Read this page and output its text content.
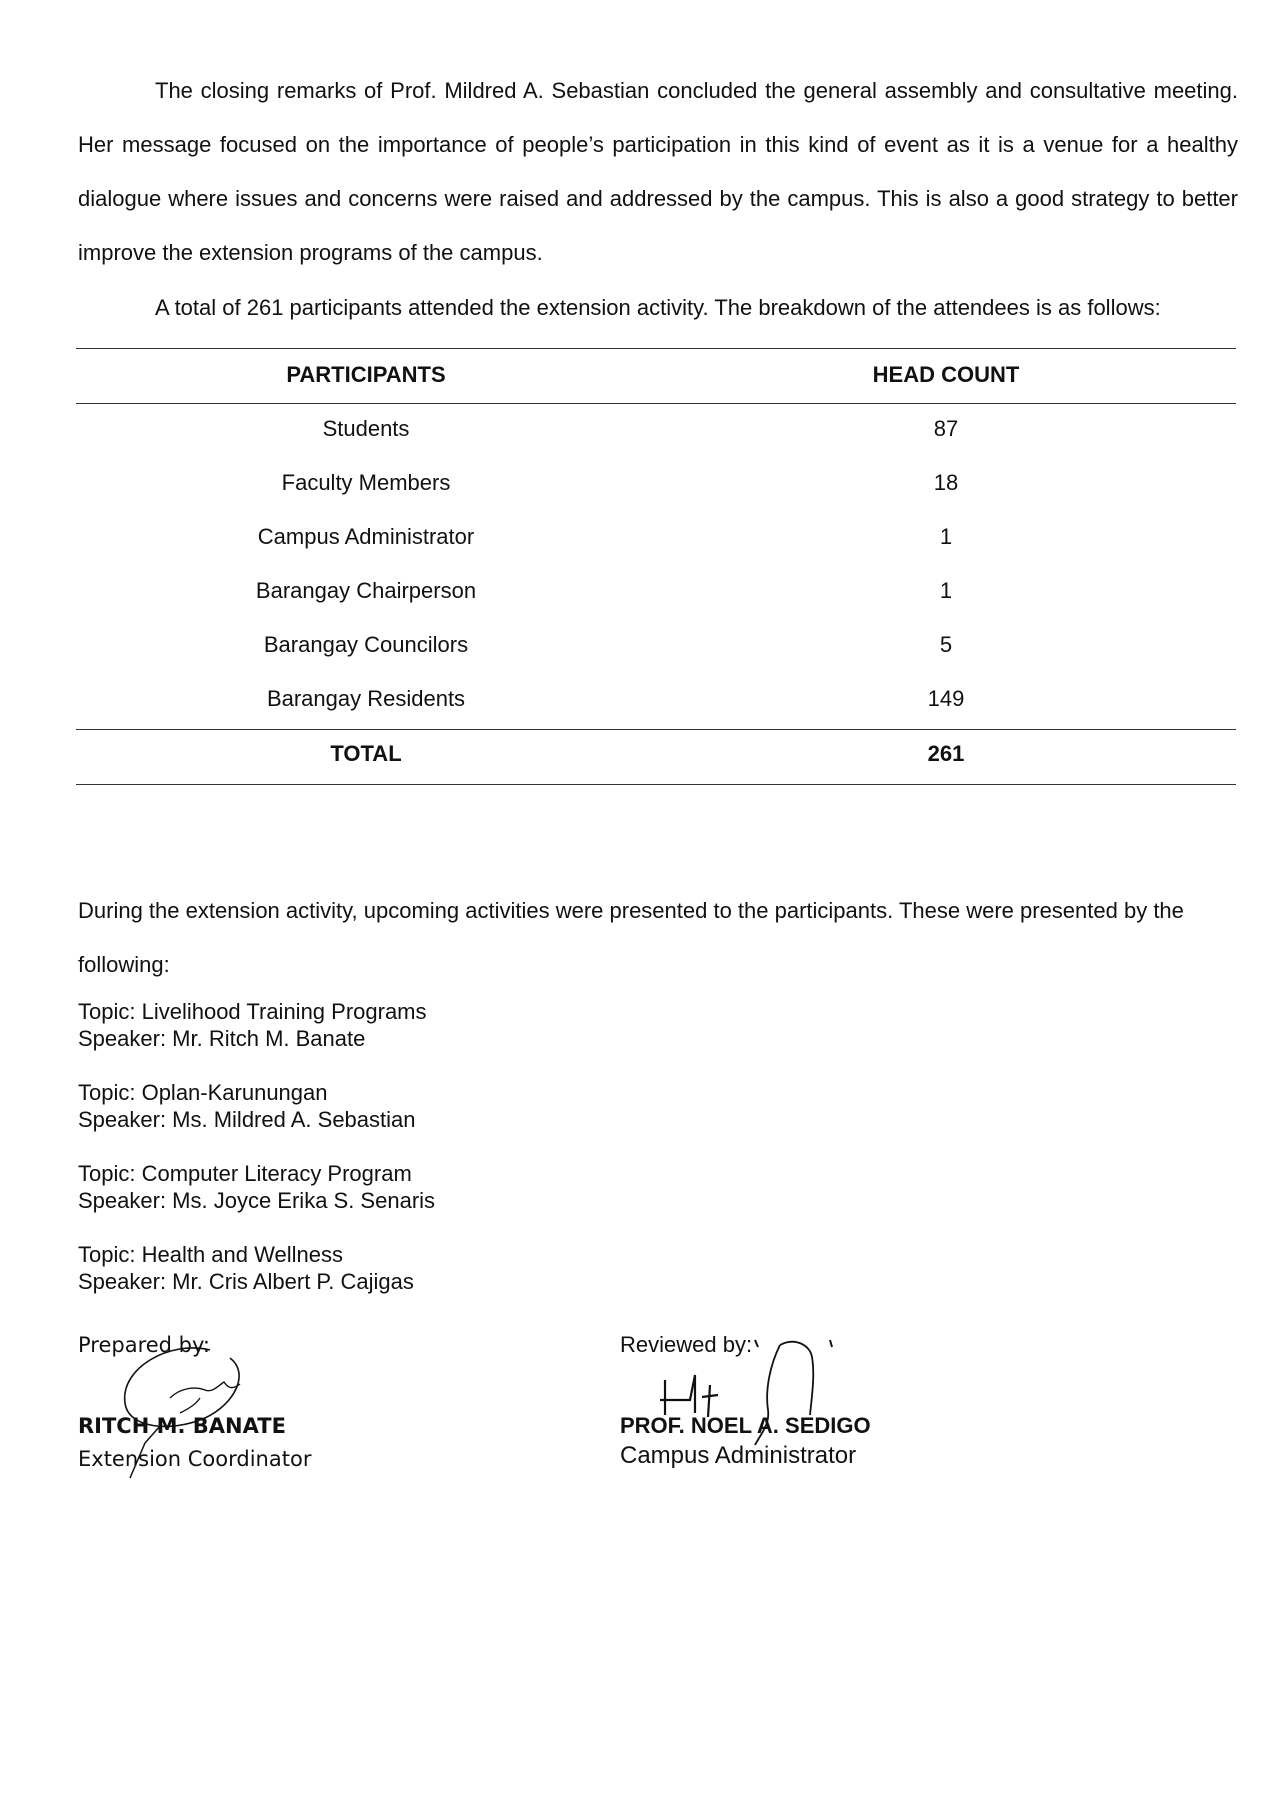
The closing remarks of Prof. Mildred A. Sebastian concluded the general assembly and consultative meeting. Her message focused on the importance of people’s participation in this kind of event as it is a venue for a healthy dialogue where issues and concerns were raised and addressed by the campus. This is also a good strategy to better improve the extension programs of the campus.

A total of 261 participants attended the extension activity. The breakdown of the attendees is as follows:

PARTICIPANTS	HEAD COUNT
Students	87
Faculty Members	18
Campus Administrator	1
Barangay Chairperson	1
Barangay Councilors	5
Barangay Residents	149
TOTAL	261

During the extension activity, upcoming activities were presented to the participants. These were presented by the following:

Topic: Livelihood Training Programs
Speaker: Mr. Ritch M. Banate
Topic: Oplan-Karunungan
Speaker: Ms. Mildred A. Sebastian
Topic: Computer Literacy Program
Speaker: Ms. Joyce Erika S. Senaris
Topic: Health and Wellness
Speaker: Mr. Cris Albert P. Cajigas
Prepared by:
RITCH M. BANATE
Extension Coordinator
Reviewed by:
PROF. NOEL A. SEDIGO
Campus Administrator
